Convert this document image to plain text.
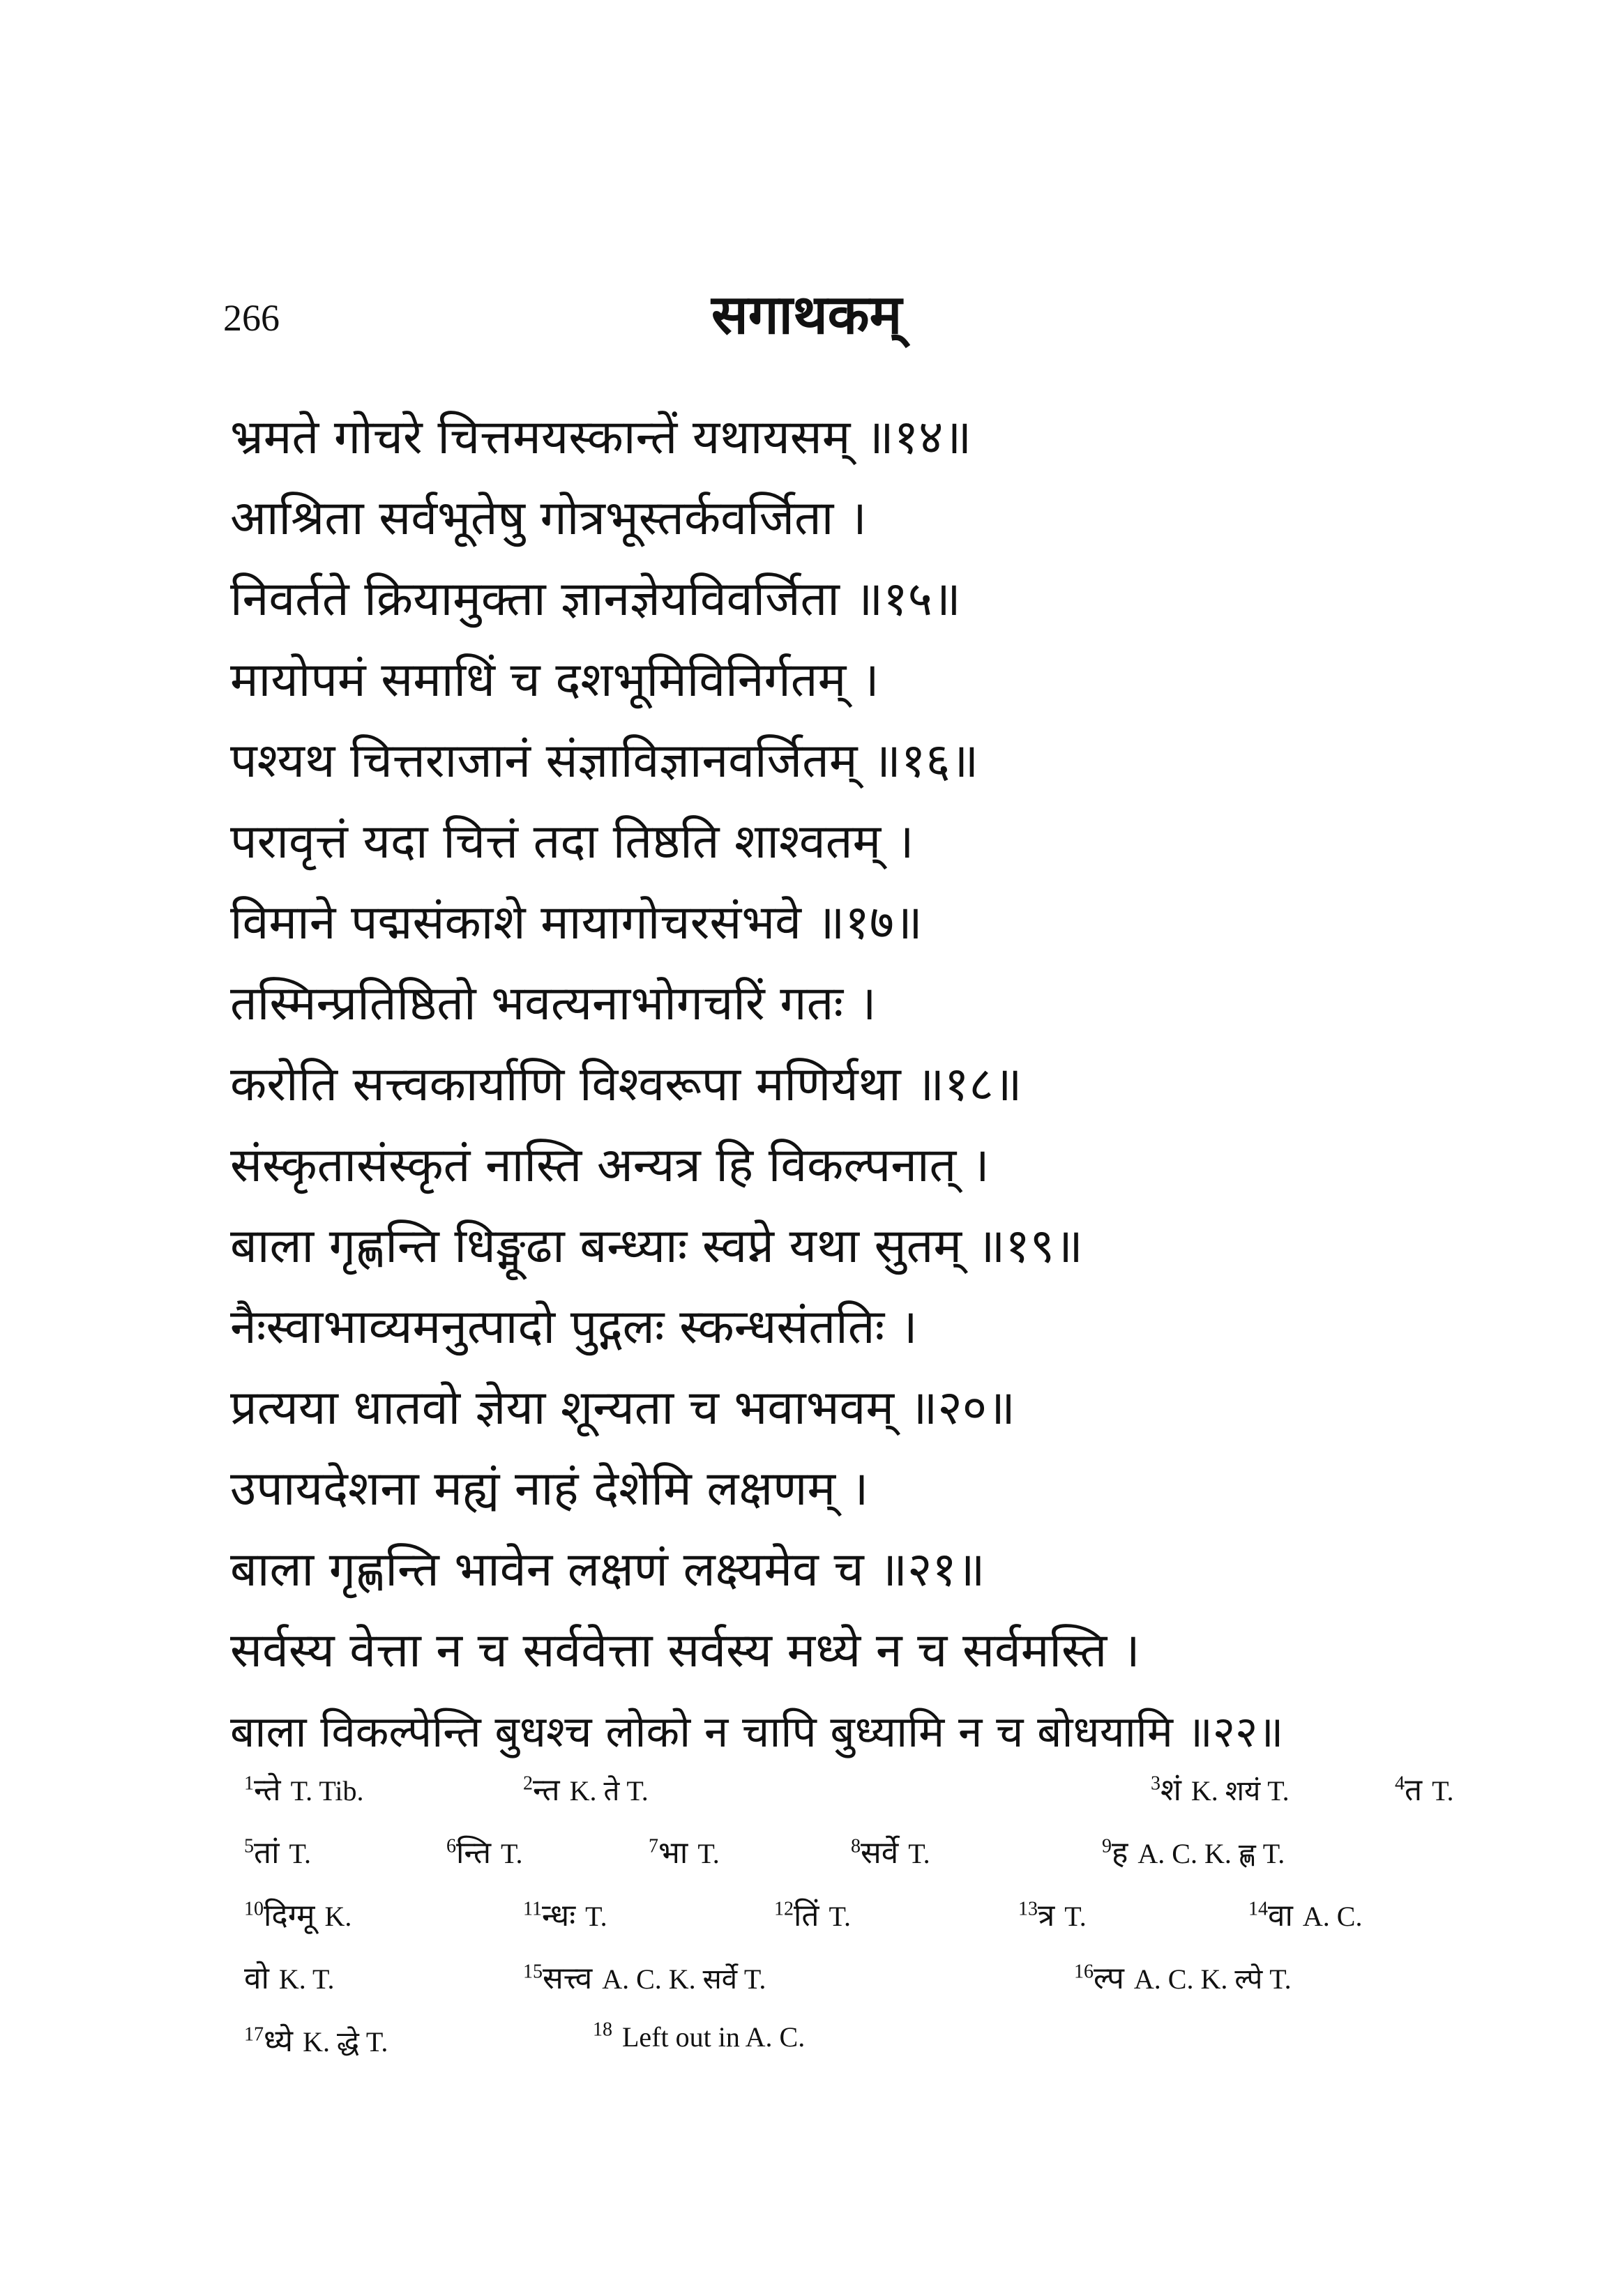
266	सगाथकम्
भ्रमते गोचरे चित्तमयस्कान्तें यथायसम् ॥१४॥
आश्रिता सर्वभूतेषु गोत्रभूस्तर्कवर्जिता ।
निवर्तते क्रियामुक्ता ज्ञानज्ञेयविवर्जिता ॥१५॥
मायोपमं समाधिं च दशभूमिविनिर्गतम् ।
पश्यथ चित्तराजानं संज्ञाविज्ञानवर्जितम् ॥१६॥
परावृत्तं यदा चित्तं तदा तिष्ठति शाश्वतम् ।
विमाने पद्मसंकाशे मायागोचरसंभवे ॥१७॥
तस्मिन्प्रतिष्ठितो भवत्यनाभोगचरिं गतः ।
करोति सत्त्वकार्याणि विश्वरूपा मणिर्यथा ॥१८॥
संस्कृतासंस्कृतं नास्ति अन्यत्र हि विकल्पनात् ।
बाला गृह्णन्ति धिङ्मूढा बन्ध्याः स्वप्ने यथा सुतम् ॥१९॥
नैःस्वाभाव्यमनुत्पादो पुद्गलः स्कन्धसंततिः ।
प्रत्यया धातवो ज्ञेया शून्यता च भवाभवम् ॥२०॥
उपायदेशना मह्यं नाहं देशेमि लक्षणम् ।
बाला गृह्णन्ति भावेन लक्षणं लक्ष्यमेव च ॥२१॥
सर्वस्य वेत्ता न च सर्ववेत्ता सर्वस्य मध्ये न च सर्वमस्ति ।
बाला विकल्पेन्ति बुधश्च लोको न चापि बुध्यामि न च बोधयामि ॥२२॥
$^1$न्ते T. Tib.	$^2$न्त K. ते T.	$^3$शं K. शयं T.	$^4$त T.
$^5$तां T.	$^6$न्ति T.	$^7$भा T.	$^8$सर्वे T.	$^9$ह A. C. K. ह्ण T.
$^{10}$दिग्मू K.	$^{11}$न्धः T.	$^{12}$तिं T.	$^{13}$त्र T.	$^{14}$वा A. C.
वो K. T.	$^{15}$सत्त्व A. C. K. सर्वे T.	$^{16}$ल्प A. C. K. ल्पे T.
$^{17}$ध्ये K. द्धे T.	$^{18}$ Left out in A. C.
